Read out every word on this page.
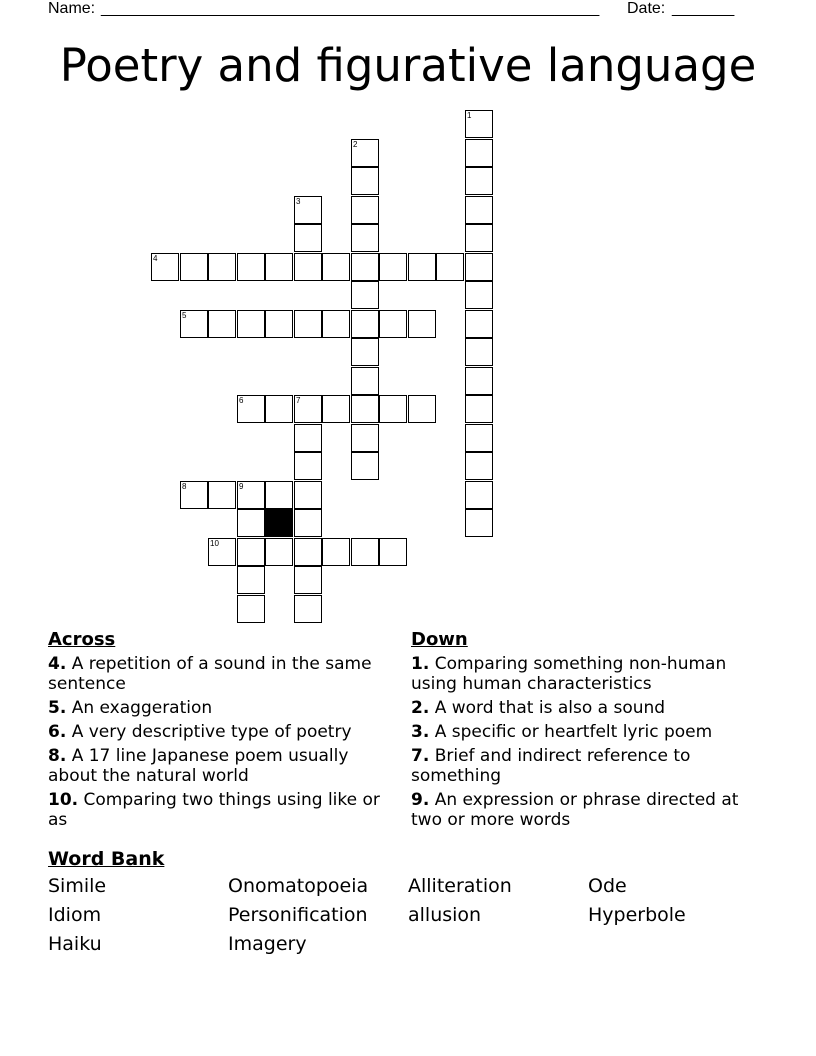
Name: ________________________________________________________ Date: _______
Poetry and figurative language
1
2
3
4
5
6	7
8	9
10
Across
4. A repetition of a sound in the same sentence
5. An exaggeration
6. A very descriptive type of poetry
8. A 17 line Japanese poem usually about the natural world
10. Comparing two things using like or as
Down
1. Comparing something non-human using human characteristics
2. A word that is also a sound
3. A specific or heartfelt lyric poem
7. Brief and indirect reference to something
9. An expression or phrase directed at two or more words
Word Bank
Simile	Onomatopoeia	Alliteration	Ode
Idiom	Personification	allusion	Hyperbole
Haiku	Imagery
